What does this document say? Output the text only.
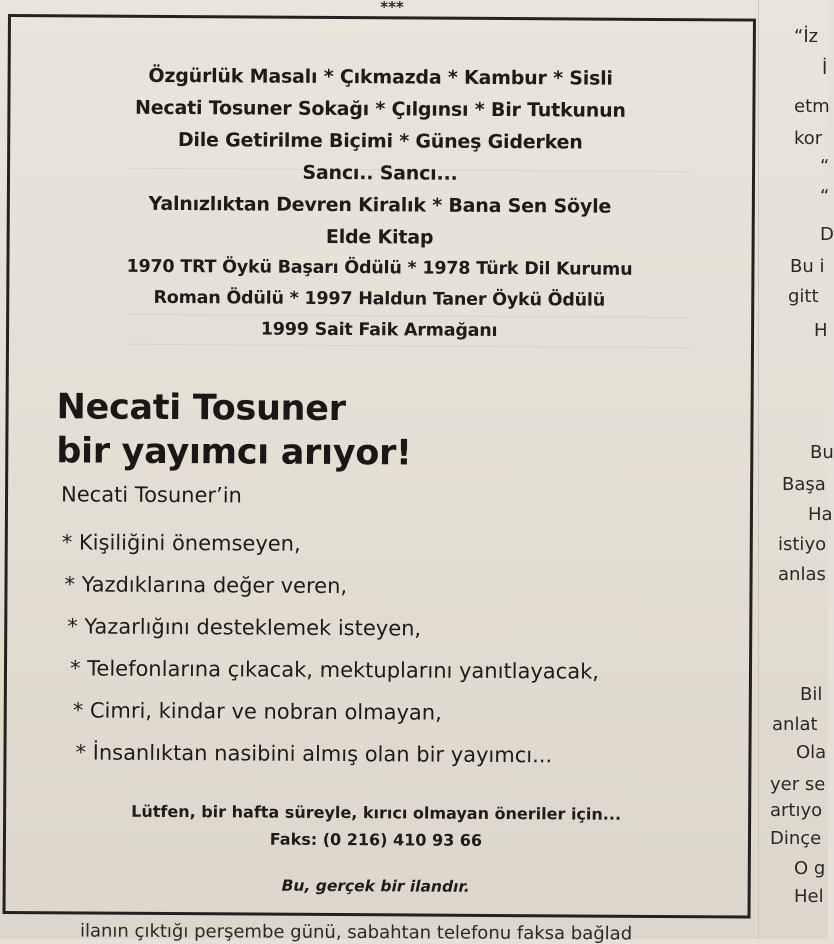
***
Özgürlük Masalı * Çıkmazda * Kambur * Sisli
Necati Tosuner Sokağı * Çılgınsı * Bir Tutkunun
Dile Getirilme Biçimi * Güneş Giderken
Sancı.. Sancı...
Yalnızlıktan Devren Kiralık * Bana Sen Söyle
Elde Kitap
1970 TRT Öykü Başarı Ödülü * 1978 Türk Dil Kurumu
Roman Ödülü * 1997 Haldun Taner Öykü Ödülü
1999 Sait Faik Armağanı
Necati Tosuner
bir yayımcı arıyor!
Necati Tosuner’in
* Kişiliğini önemseyen,
* Yazdıklarına değer veren,
* Yazarlığını desteklemek isteyen,
* Telefonlarına çıkacak, mektuplarını yanıtlayacak,
* Cimri, kindar ve nobran olmayan,
* İnsanlıktan nasibini almış olan bir yayımcı...
Lütfen, bir hafta süreyle, kırıcı olmayan öneriler için...
Faks: (0 216) 410 93 66
Bu, gerçek bir ilandır.
“İz
İ
etm
kor
“
“
D
Bu i
gitt
H
Bu
Başa
Ha
istiyo
anlas
Bil
anlat
Ola
yer se
artıyo
Dinçe
O g
Hel
ilanın çıktığı perşembe günü, sabahtan telefonu faksa bağlad
